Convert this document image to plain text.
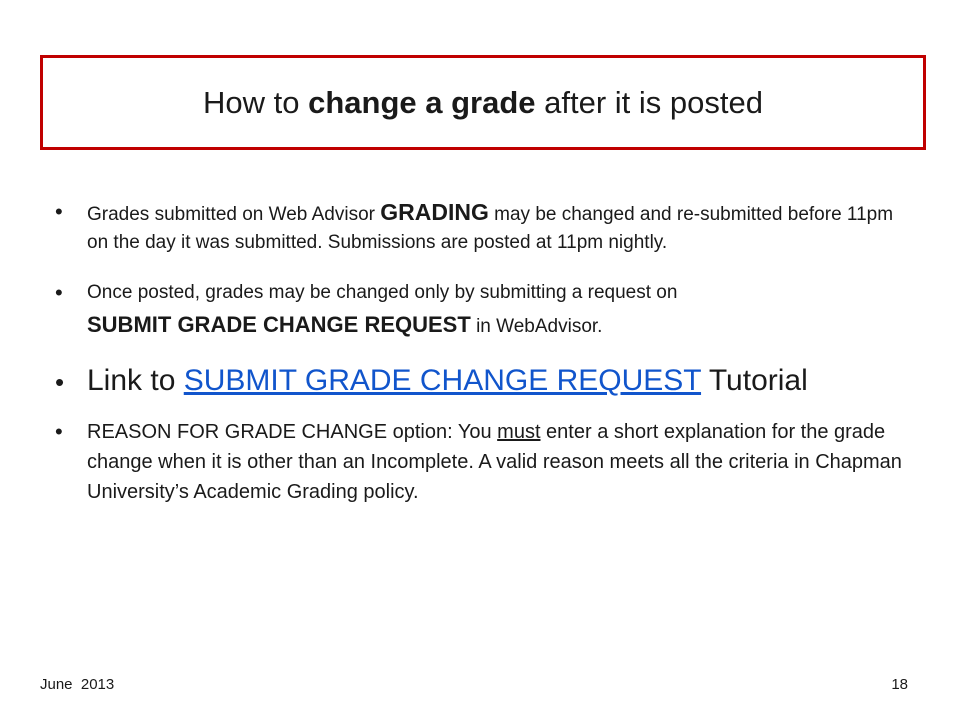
How to change a grade after it is posted
• Grades submitted on Web Advisor GRADING may be changed and re-submitted before 11pm on the day it was submitted. Submissions are posted at 11pm nightly.
• Once posted, grades may be changed only by submitting a request on
SUBMIT GRADE CHANGE REQUEST in WebAdvisor.
• Link to SUBMIT GRADE CHANGE REQUEST Tutorial
• REASON FOR GRADE CHANGE option: You must enter a short explanation for the grade change when it is other than an Incomplete. A valid reason meets all the criteria in Chapman University’s Academic Grading policy.
June  2013	18
